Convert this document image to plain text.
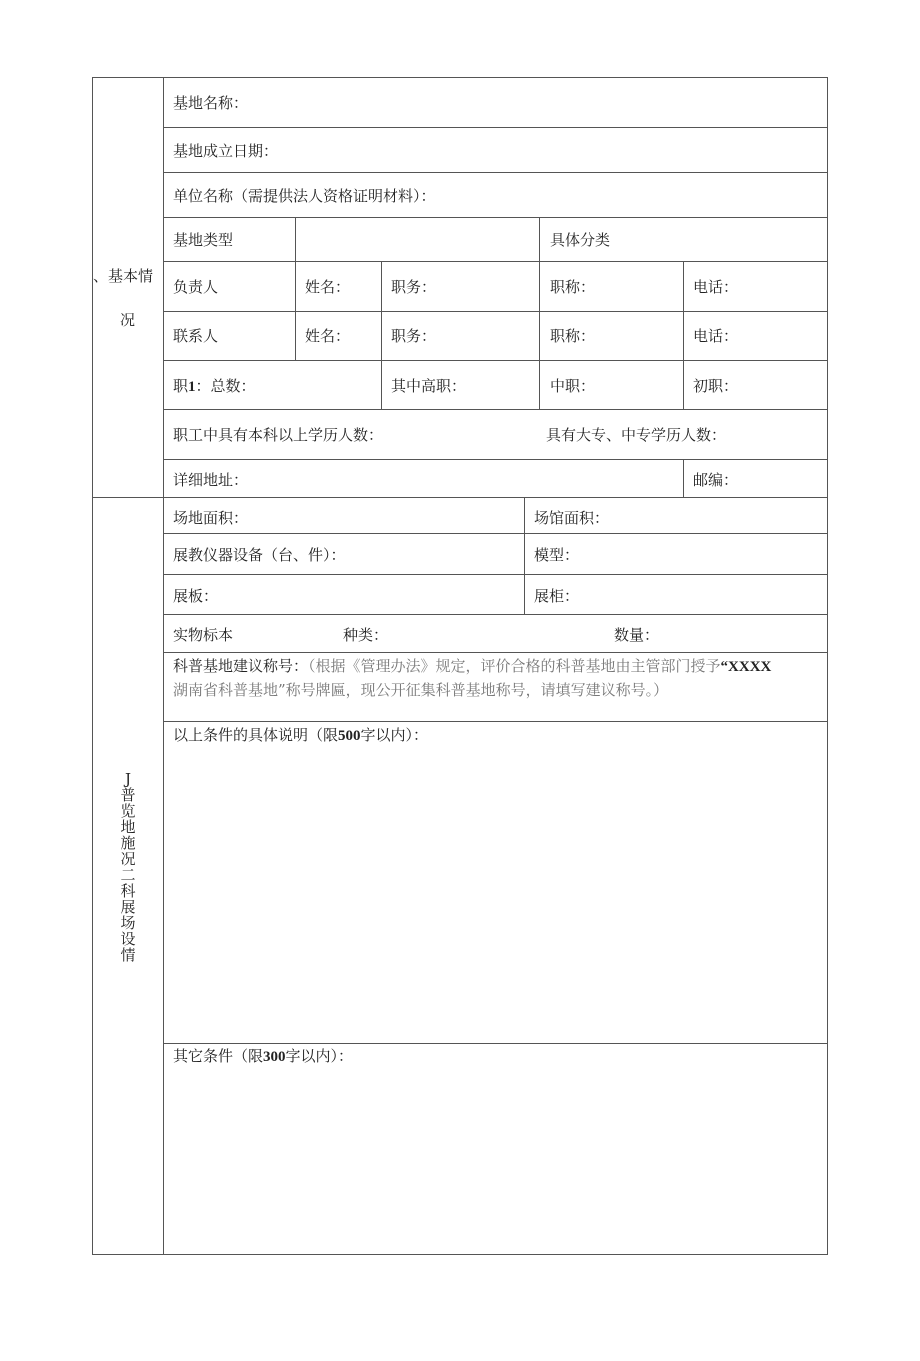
、基本情
况
基地名称：
基地成立日期：
单位名称（需提供法人资格证明材料）：
基地类型	具体分类
负责人	姓名：	职务：	职称：	电话：
联系人	姓名：	职务：	职称：	电话：
职1：总数：	其中高职：	中职：	初职：
职工中具有本科以上学历人数：	具有大专、中专学历人数：
详细地址：	邮编：
J普览地施况二科展场设情
场地面积：	场馆面积：
展教仪器设备（台、件）：	模型：
展板：	展柜：
实物标本	种类：	数量：
科普基地建议称号：（根据《管理办法》规定，评价合格的科普基地由主管部门授予“XXXX
湖南省科普基地”称号牌匾，现公开征集科普基地称号，请填写建议称号。）
以上条件的具体说明（限500字以内）：
其它条件（限300字以内）：
